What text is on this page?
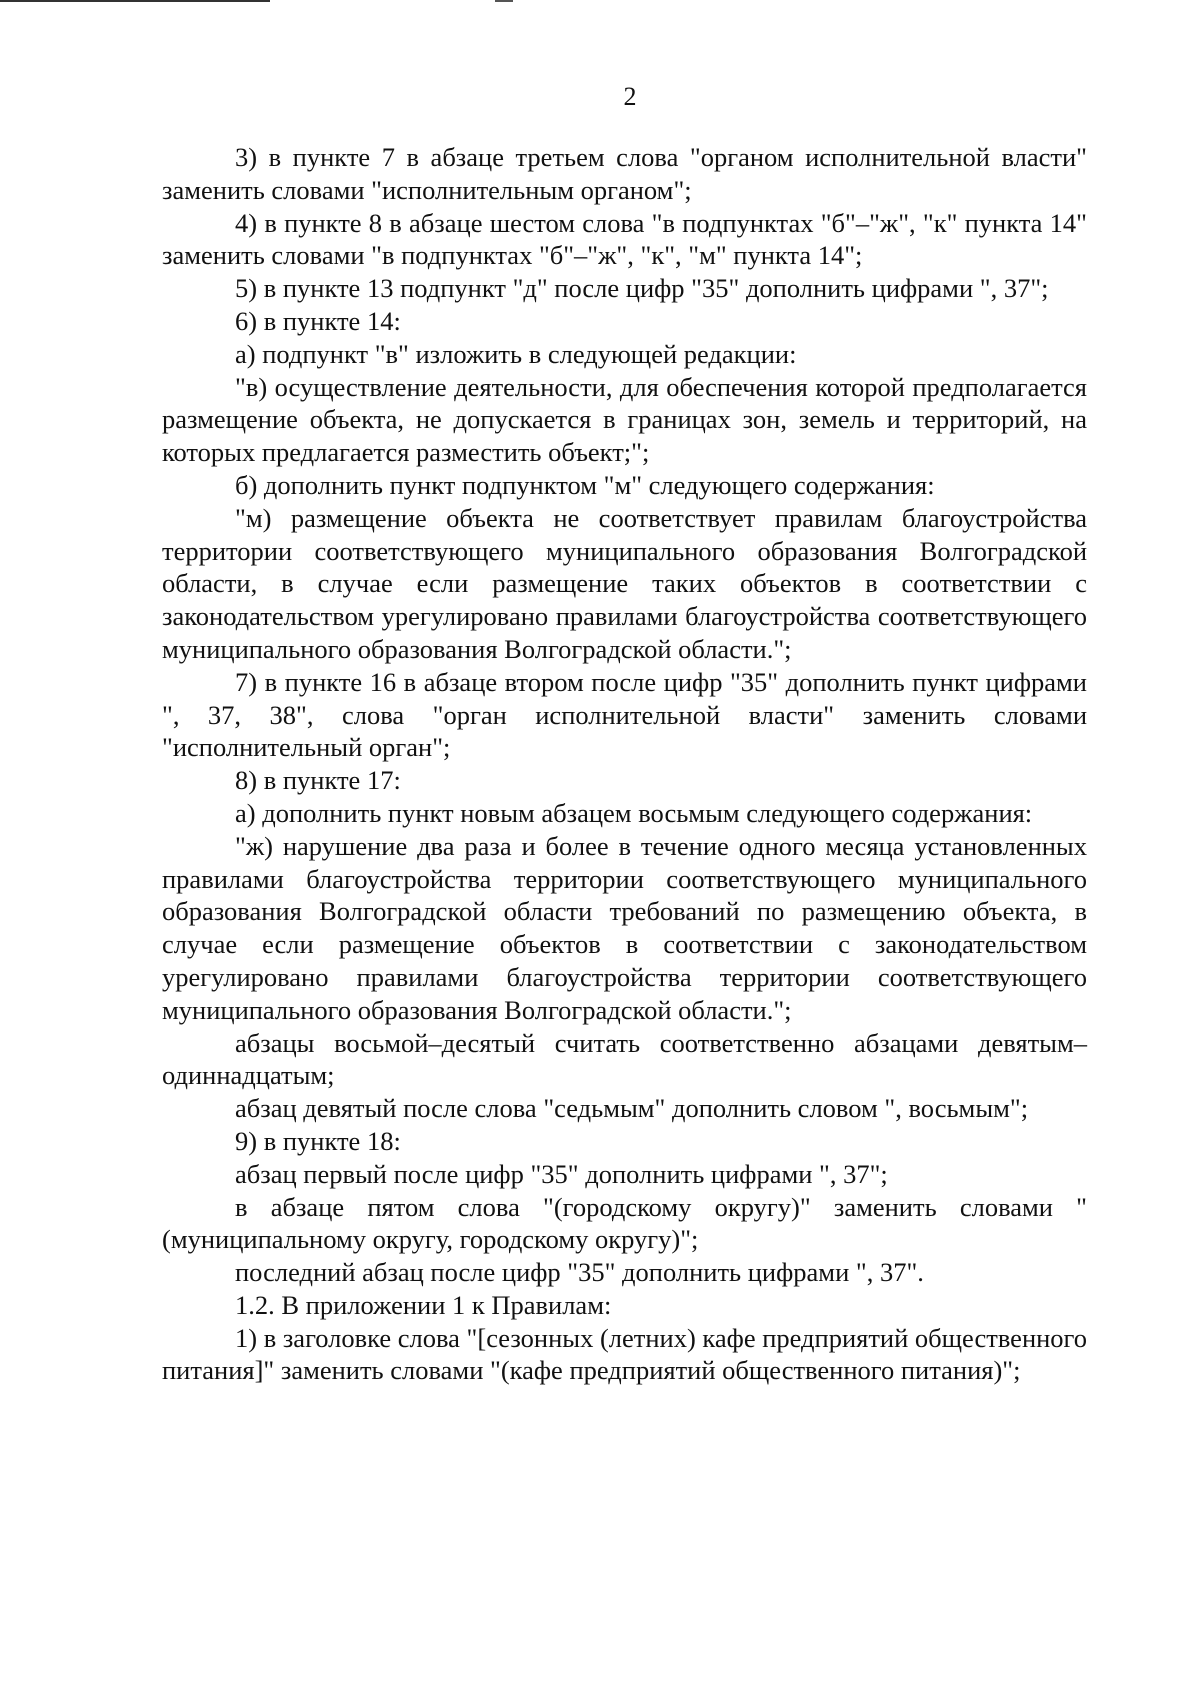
2

3) в пункте 7 в абзаце третьем слова "органом исполнительной власти" заменить словами "исполнительным органом";

4) в пункте 8 в абзаце шестом слова "в подпунктах "б"–"ж", "к" пункта 14" заменить словами "в подпунктах "б"–"ж", "к", "м" пункта 14";

5) в пункте 13 подпункт "д" после цифр "35" дополнить цифрами ", 37";

6) в пункте 14:

а) подпункт "в" изложить в следующей редакции:

"в) осуществление деятельности, для обеспечения которой предполагается размещение объекта, не допускается в границах зон, земель и территорий, на которых предлагается разместить объект;";

б) дополнить пункт подпунктом "м" следующего содержания:

"м) размещение объекта не соответствует правилам благоустройства территории соответствующего муниципального образования Волгоградской области, в случае если размещение таких объектов в соответствии с законодательством урегулировано правилами благоустройства соответствующего муниципального образования Волгоградской области.";

7) в пункте 16 в абзаце втором после цифр "35" дополнить пункт цифрами ", 37, 38", слова "орган исполнительной власти" заменить словами "исполнительный орган";

8) в пункте 17:

а) дополнить пункт новым абзацем восьмым следующего содержания:

"ж) нарушение два раза и более в течение одного месяца установленных правилами благоустройства территории соответствующего муниципального образования Волгоградской области требований по размещению объекта, в случае если размещение объектов в соответствии с законодательством урегулировано правилами благоустройства территории соответствующего муниципального образования Волгоградской области.";

абзацы восьмой–десятый считать соответственно абзацами девятым–одиннадцатым;

абзац девятый после слова "седьмым" дополнить словом ", восьмым";

9) в пункте 18:

абзац первый после цифр "35" дополнить цифрами ", 37";

в абзаце пятом слова "(городскому округу)" заменить словами "(муниципальному округу, городскому округу)";

последний абзац после цифр "35" дополнить цифрами ", 37".

1.2. В приложении 1 к Правилам:

1) в заголовке слова "[сезонных (летних) кафе предприятий общественного питания]" заменить словами "(кафе предприятий общественного питания)";
